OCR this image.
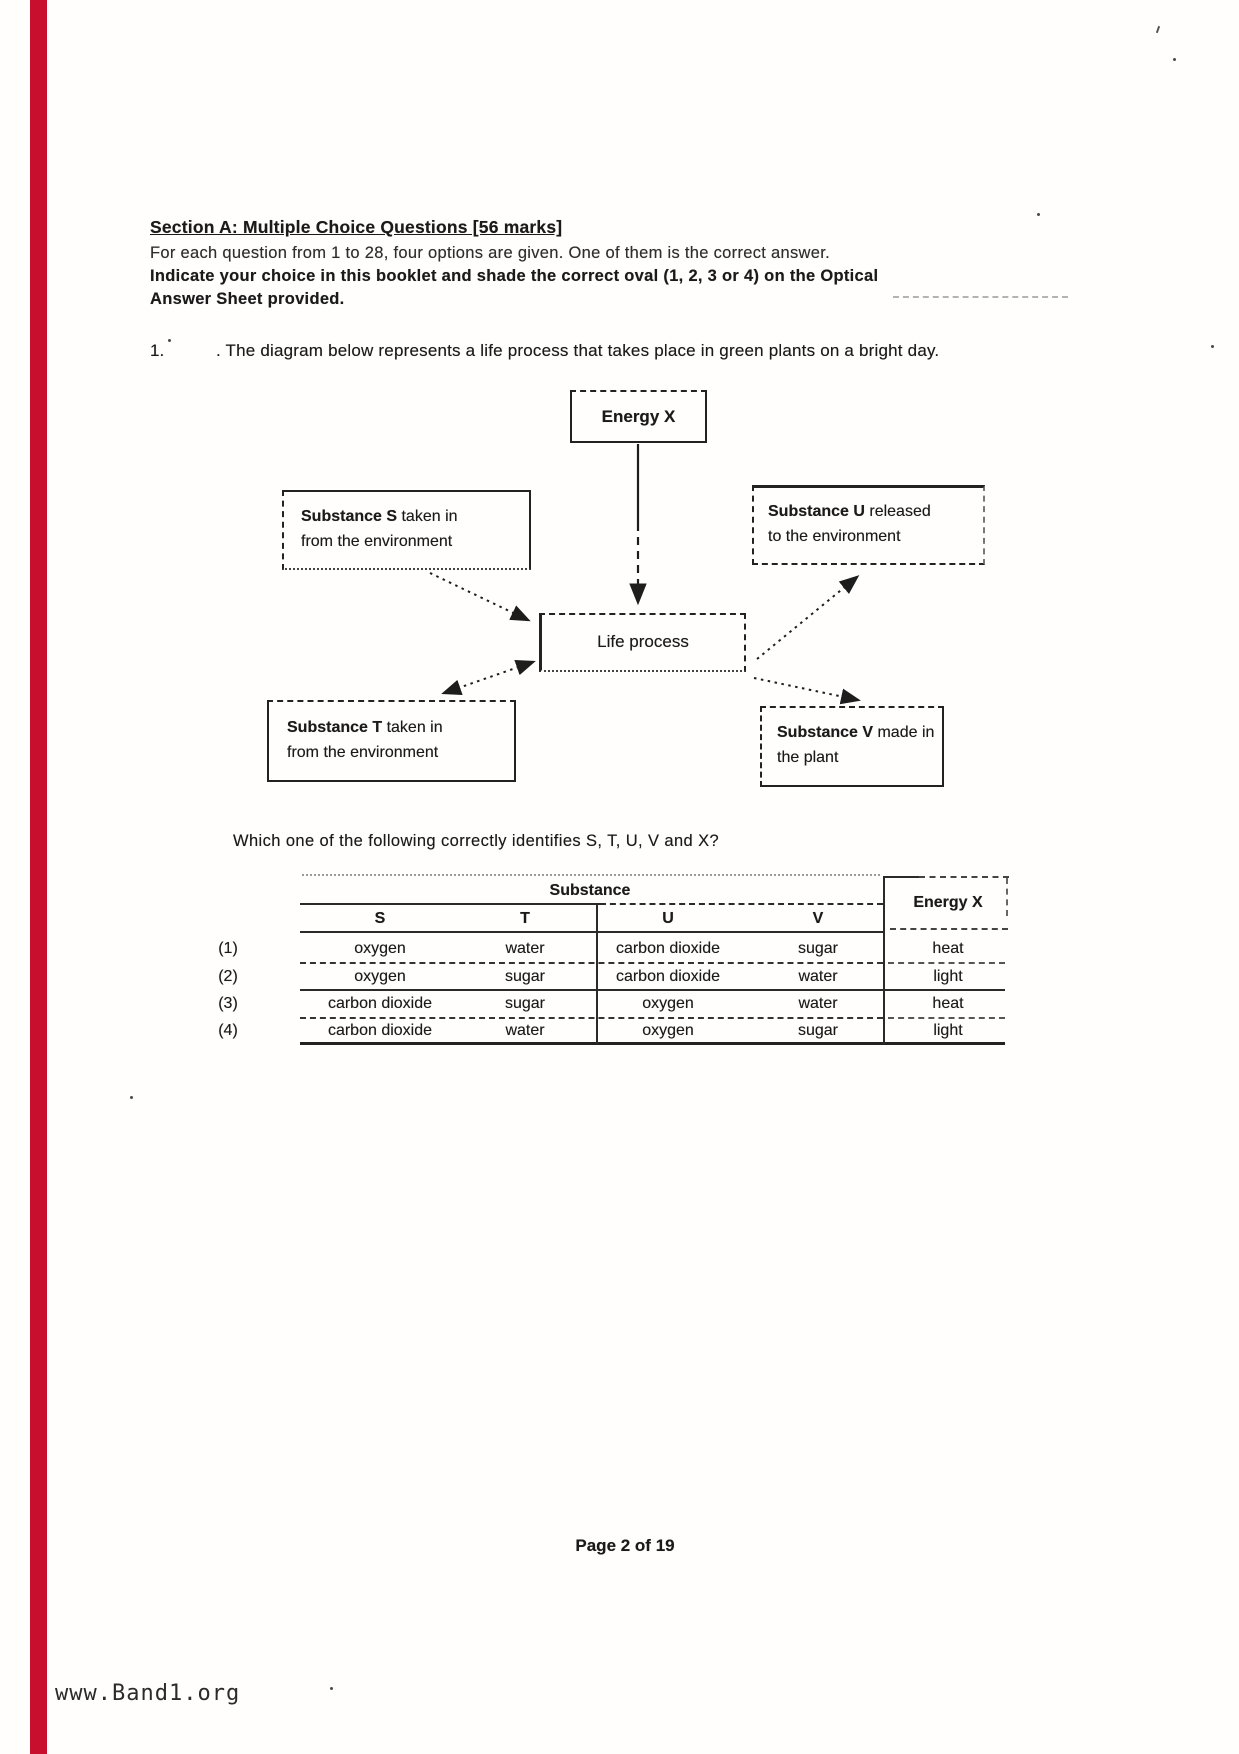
Section A: Multiple Choice Questions [56 marks]
For each question from 1 to 28, four options are given. One of them is the correct answer.
Indicate your choice in this booklet and shade the correct oval (1, 2, 3 or 4) on the Optical
Answer Sheet provided.
1.	. The diagram below represents a life process that takes place in green plants on a bright day.
Energy X
Substance S taken in
from the environment
Substance U released
to the environment
Life process
Substance T taken in
from the environment
Substance V made in
the plant
Which one of the following correctly identifies S, T, U, V and X?
Substance
Energy X
S	T	U	V
(1)	oxygen	water	carbon dioxide	sugar	heat
(2)	oxygen	sugar	carbon dioxide	water	light
(3)	carbon dioxide	sugar	oxygen	water	heat
(4)	carbon dioxide	water	oxygen	sugar	light
Page 2 of 19
www.Band1.org
